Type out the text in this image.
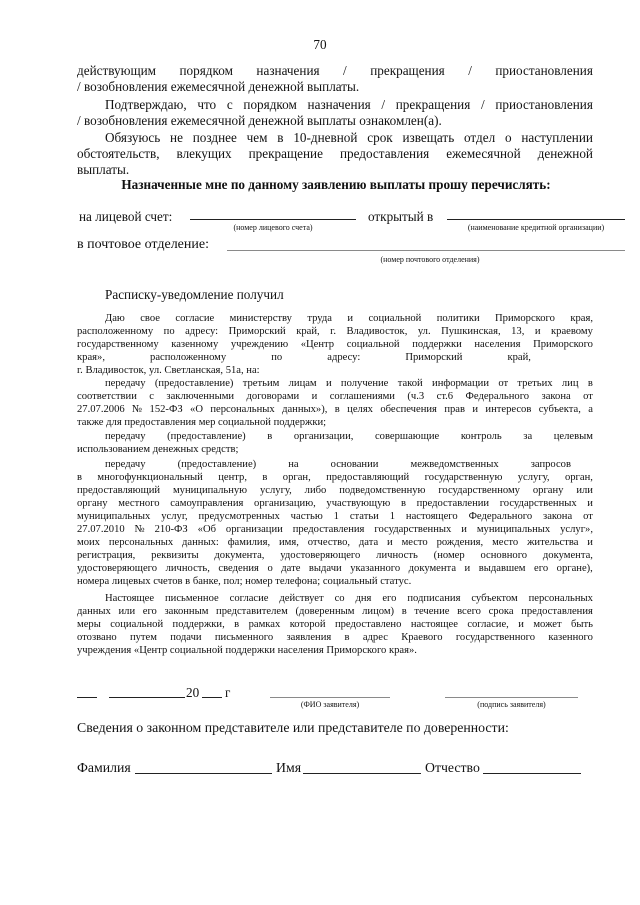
70
действующим порядком назначения / прекращения / приостановления
/ возобновления ежемесячной денежной выплаты.
Подтверждаю, что с порядком назначения / прекращения / приостановления
/ возобновления ежемесячной денежной выплаты ознакомлен(а).
Обязуюсь не позднее чем в 10-дневной срок извещать отдел о наступлении
обстоятельств, влекущих прекращение предоставления ежемесячной денежной
выплаты.
Назначенные мне по данному заявлению выплаты прошу перечислять:
на лицевой счет:
(номер лицевого счета)
открытый в
(наименование кредитной организации)
в почтовое отделение:
(номер почтового отделения)
Расписку-уведомление получил
Даю свое согласие министерству труда и социальной политики Приморского края,
расположенному по адресу: Приморский край, г. Владивосток, ул. Пушкинская, 13, и краевому
государственному казенному учреждению «Центр социальной поддержки населения Приморского
края»,	расположенному	по	адресу:	Приморский	край,
г. Владивосток, ул. Светланская, 51а, на:
передачу (предоставление) третьим лицам и получение такой информации от третьих лиц в
соответствии с заключенными договорами и соглашениями (ч.3 ст.6 Федерального закона от
27.07.2006 № 152-ФЗ «О персональных данных»), в целях обеспечения прав и интересов субъекта, а
также для предоставления мер социальной поддержки;
передачу (предоставление) в организации, совершающие контроль за целевым
использованием денежных средств;
передачу	(предоставление)	на	основании	межведомственных	запросов
в многофункциональный центр, в орган, предоставляющий государственную услугу, орган,
предоставляющий муниципальную услугу, либо подведомственную государственному органу или
органу местного самоуправления организацию, участвующую в предоставлении государственных и
муниципальных услуг, предусмотренных частью 1 статьи 1 настоящего Федерального закона от
27.07.2010 № 210-ФЗ «Об организации предоставления государственных и муниципальных услуг»,
моих персональных данных: фамилия, имя, отчество, дата и место рождения, место жительства и
регистрация, реквизиты документа, удостоверяющего личность (номер основного документа,
удостоверяющего личность, сведения о дате выдачи указанного документа и выдавшем его органе),
номера лицевых счетов в банке, пол; номер телефона; социальный статус.
Настоящее письменное согласие действует со дня его подписания субъектом персональных
данных или его законным представителем (доверенным лицом) в течение всего срока предоставления
меры социальной поддержки, в рамках которой предоставлено настоящее согласие, и может быть
отозвано путем подачи письменного заявления в адрес Краевого государственного казенного
учреждения «Центр социальной поддержки населения Приморского края».
20 г
(ФИО заявителя)	(подпись заявителя)
Сведения о законном представителе или представителе по доверенности:
Фамилия	Имя	Отчество
